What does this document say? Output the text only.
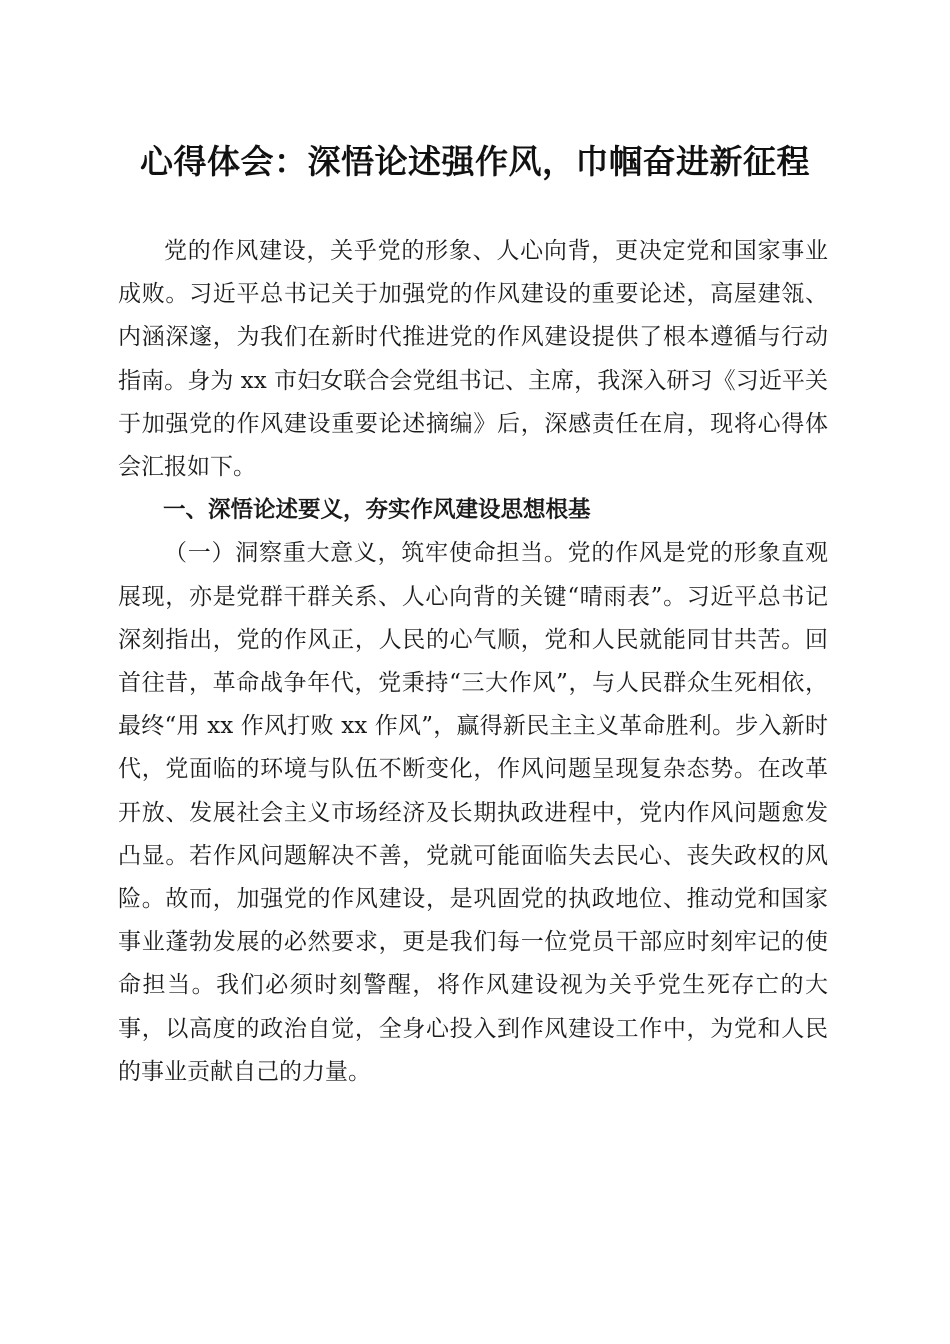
心得体会：深悟论述强作风，巾帼奋进新征程

党的作风建设，关乎党的形象、人心向背，更决定党和国家事业成败。习近平总书记关于加强党的作风建设的重要论述，高屋建瓴、内涵深邃，为我们在新时代推进党的作风建设提供了根本遵循与行动指南。身为 xx 市妇女联合会党组书记、主席，我深入研习《习近平关于加强党的作风建设重要论述摘编》后，深感责任在肩，现将心得体会汇报如下。

一、深悟论述要义，夯实作风建设思想根基

（一）洞察重大意义，筑牢使命担当。党的作风是党的形象直观展现，亦是党群干群关系、人心向背的关键“晴雨表”。习近平总书记深刻指出，党的作风正，人民的心气顺，党和人民就能同甘共苦。回首往昔，革命战争年代，党秉持“三大作风”，与人民群众生死相依，最终“用 xx 作风打败 xx 作风”，赢得新民主主义革命胜利。步入新时代，党面临的环境与队伍不断变化，作风问题呈现复杂态势。在改革开放、发展社会主义市场经济及长期执政进程中，党内作风问题愈发凸显。若作风问题解决不善，党就可能面临失去民心、丧失政权的风险。故而，加强党的作风建设，是巩固党的执政地位、推动党和国家事业蓬勃发展的必然要求，更是我们每一位党员干部应时刻牢记的使命担当。我们必须时刻警醒，将作风建设视为关乎党生死存亡的大事，以高度的政治自觉，全身心投入到作风建设工作中，为党和人民的事业贡献自己的力量。
